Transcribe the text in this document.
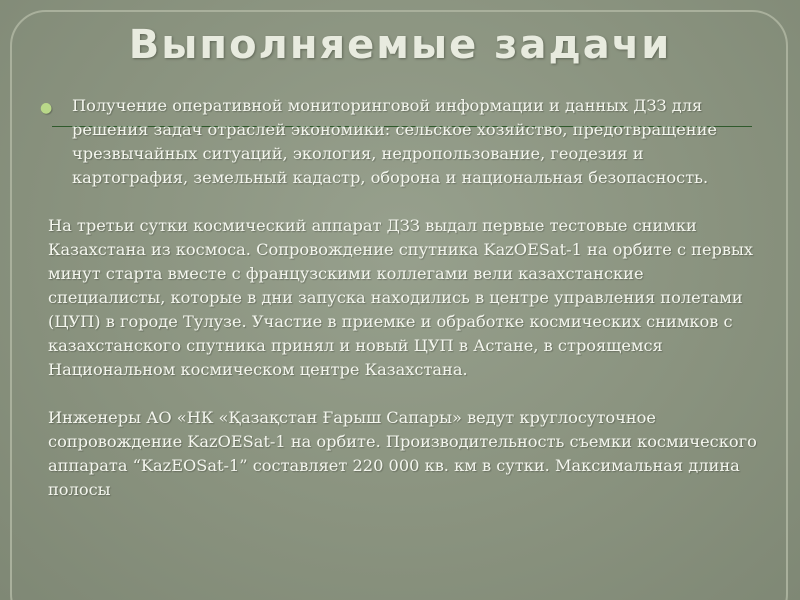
Выполняемые задачи
● Получение оперативной мониторинговой информации и данных ДЗЗ для решения задач отраслей экономики: сельское хозяйство, предотвращение чрезвычайных ситуаций, экология, недропользование, геодезия и картография, земельный кадастр, оборона и национальная безопасность.

На третьи сутки космический аппарат ДЗЗ выдал первые тестовые снимки Казахстана из космоса. Сопровождение спутника KazOESat-1 на орбите с первых минут старта вместе с французскими коллегами вели казахстанские специалисты, которые в дни запуска находились в центре управления полетами (ЦУП) в городе Тулузе. Участие в приемке и обработке космических снимков с казахстанского спутника принял и новый ЦУП в Астане, в строящемся Национальном космическом центре Казахстана.

Инженеры АО «НК «Қазақстан Ғарыш Сапары» ведут круглосуточное сопровождение KazOESat-1 на орбите. Производительность съемки космического аппарата “KazEOSat-1” составляет 220 000 кв. км в сутки. Максимальная длина полосы
